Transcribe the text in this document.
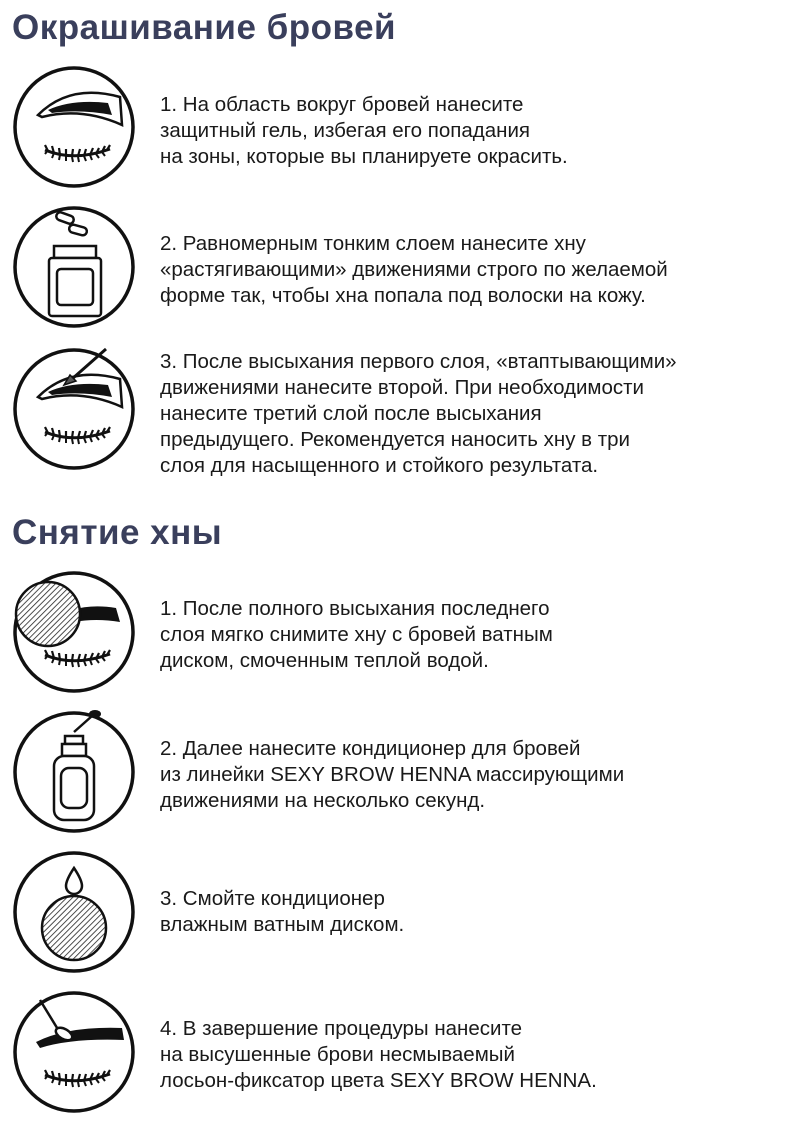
Окрашивание бровей
1. На область вокруг бровей нанесите
защитный гель, избегая его попадания
на зоны, которые вы планируете окрасить.
2. Равномерным тонким слоем нанесите хну
«растягивающими» движениями строго по желаемой
форме так, чтобы хна попала под волоски на кожу.
3. После высыхания первого слоя, «втаптывающими»
движениями нанесите второй. При необходимости
нанесите третий слой после высыхания
предыдущего. Рекомендуется наносить хну в три
слоя для насыщенного и стойкого результата.
Снятие хны
1. После полного высыхания последнего
слоя мягко снимите хну с бровей ватным
диском, смоченным теплой водой.
2. Далее нанесите кондиционер для бровей
из линейки SEXY BROW HENNA массирующими
движениями на несколько секунд.
3. Смойте кондиционер
влажным ватным диском.
4. В завершение процедуры нанесите
на высушенные брови несмываемый
лосьон-фиксатор цвета SEXY BROW HENNA.
